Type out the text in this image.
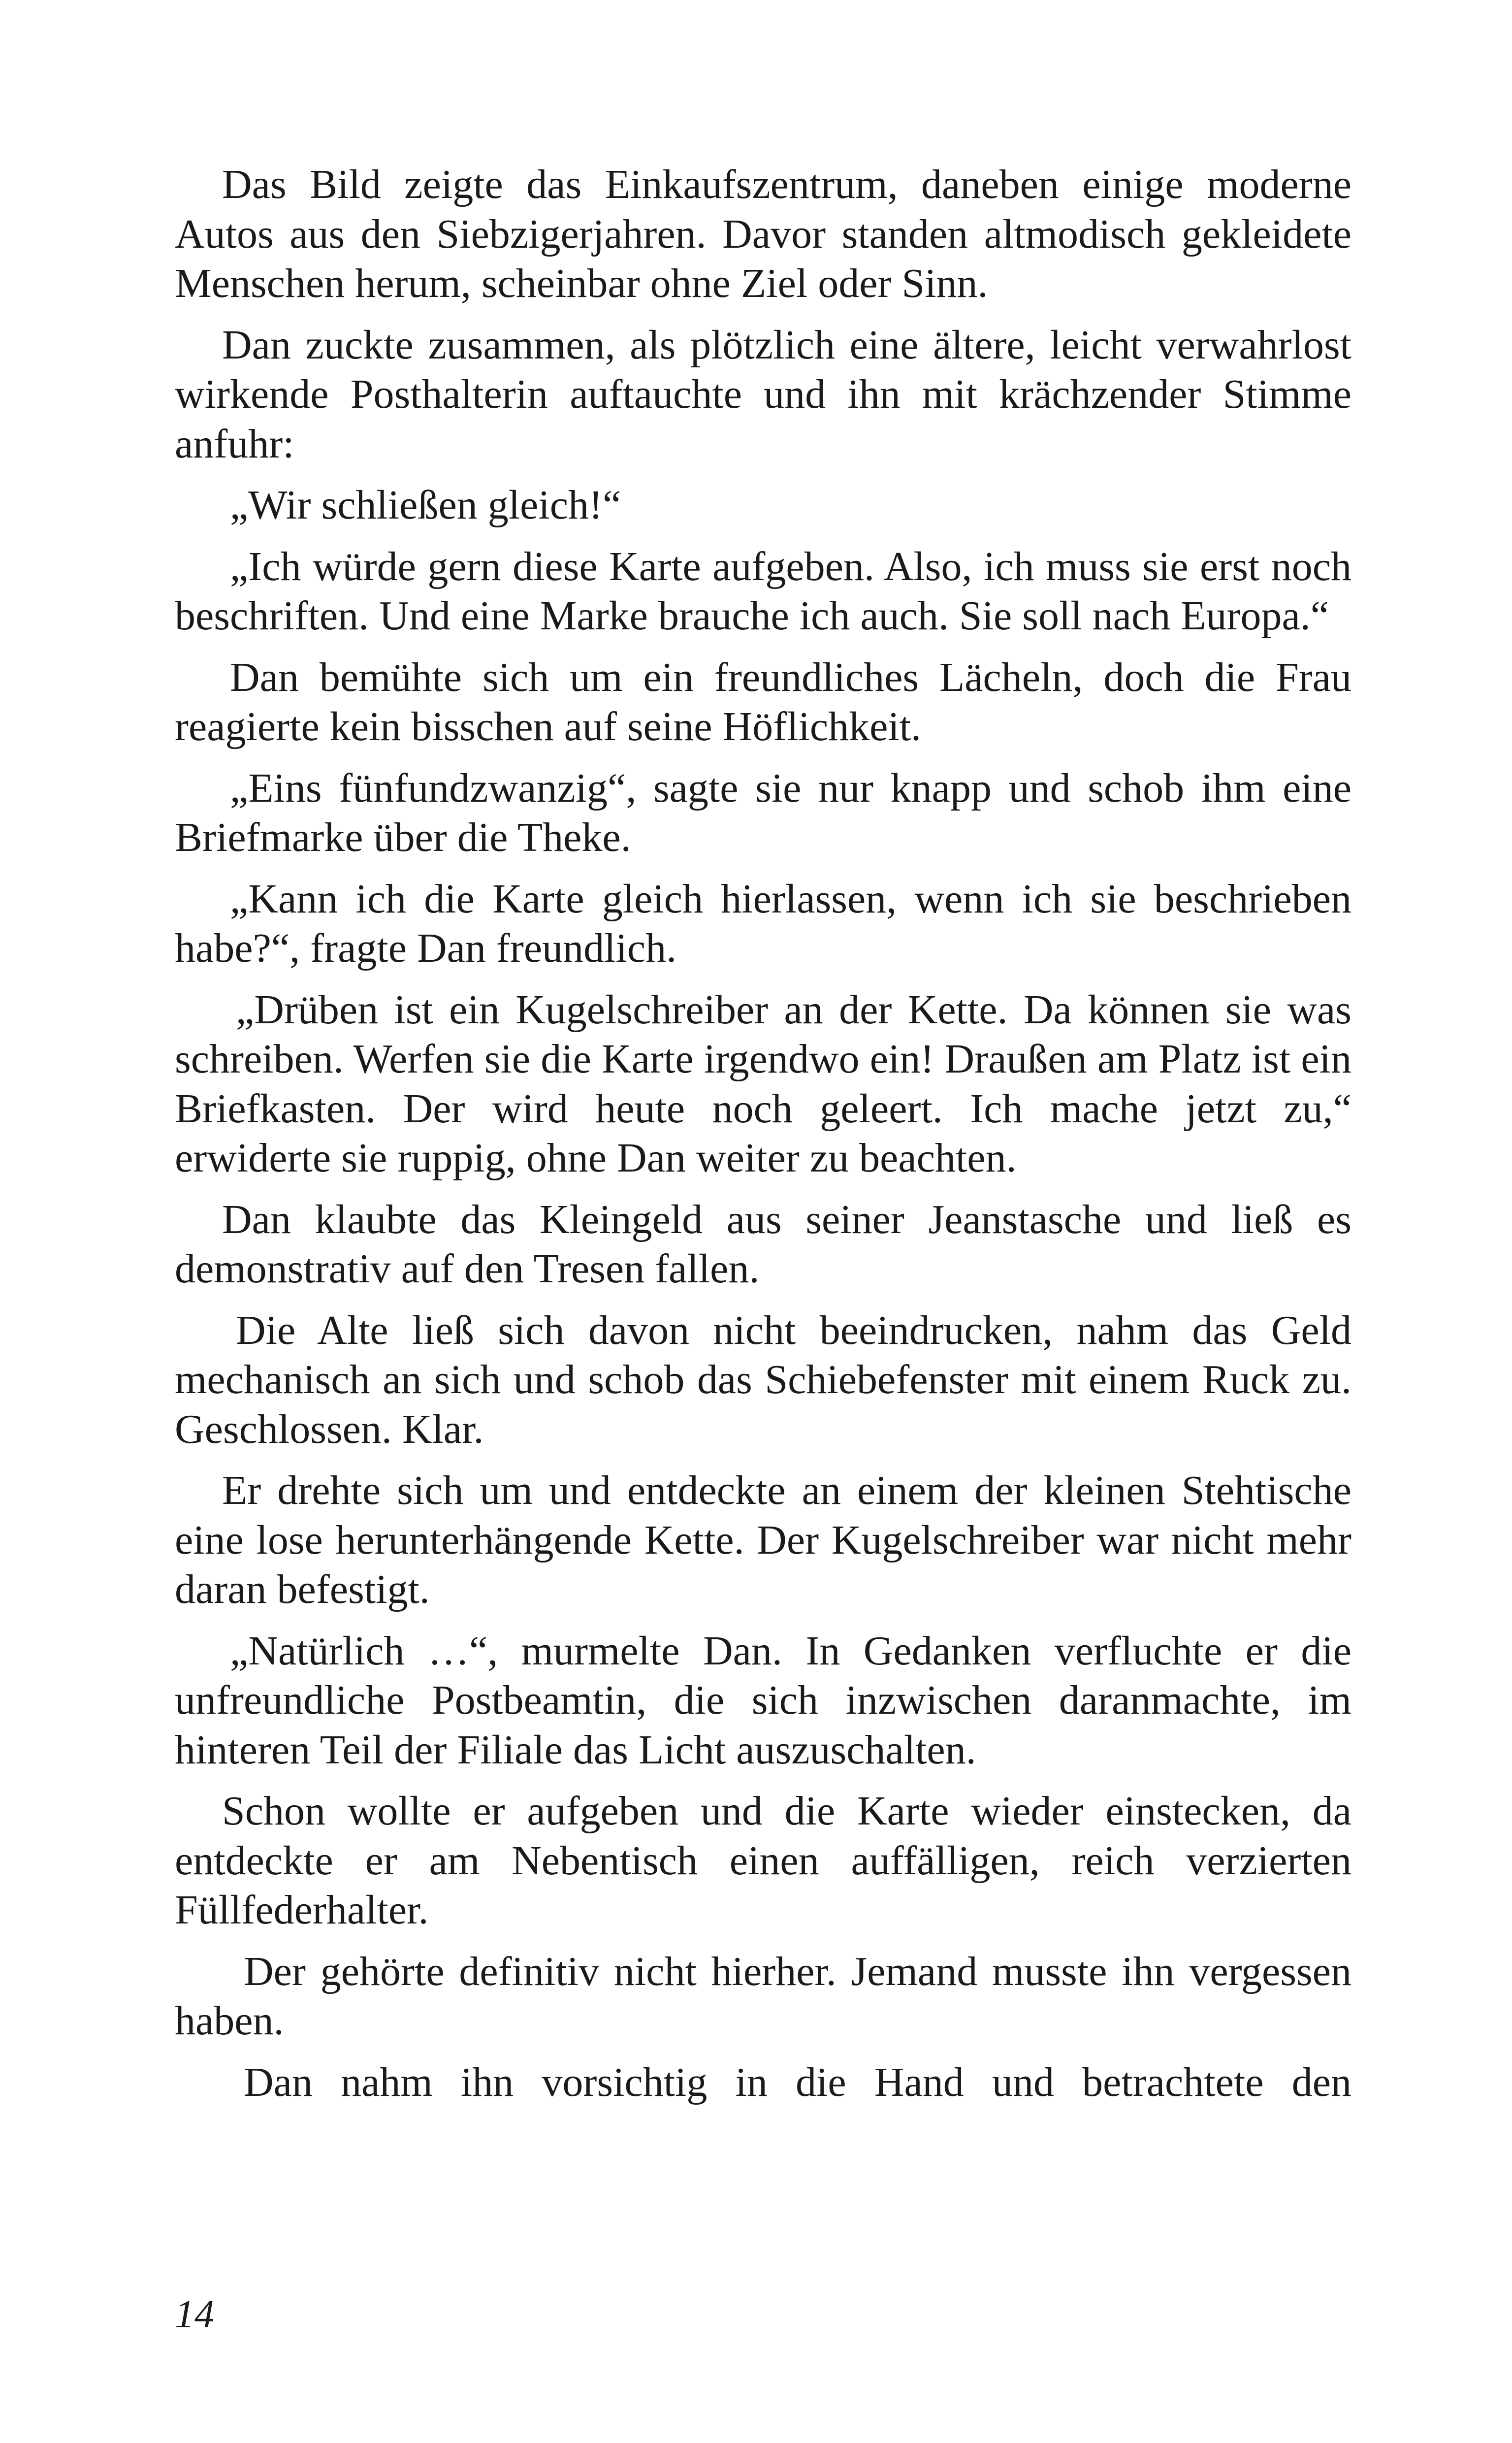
Das Bild zeigte das Einkaufszentrum, daneben einige moderne Autos aus den Siebzigerjahren. Davor standen altmodisch gekleidete Menschen herum, scheinbar ohne Ziel oder Sinn.

Dan zuckte zusammen, als plötzlich eine ältere, leicht verwahrlost wirkende Posthalterin auftauchte und ihn mit krächzender Stimme anfuhr:

„Wir schließen gleich!“

„Ich würde gern diese Karte aufgeben. Also, ich muss sie erst noch beschriften. Und eine Marke brauche ich auch. Sie soll nach Europa.“

Dan bemühte sich um ein freundliches Lächeln, doch die Frau reagierte kein bisschen auf seine Höflichkeit.

„Eins fünfundzwanzig“, sagte sie nur knapp und schob ihm eine Briefmarke über die Theke.

„Kann ich die Karte gleich hierlassen, wenn ich sie beschrieben habe?“, fragte Dan freundlich.

„Drüben ist ein Kugelschreiber an der Kette. Da können sie was schreiben. Werfen sie die Karte irgendwo ein! Draußen am Platz ist ein Briefkasten. Der wird heute noch geleert. Ich mache jetzt zu,“ erwiderte sie ruppig, ohne Dan weiter zu beachten.

Dan klaubte das Kleingeld aus seiner Jeanstasche und ließ es demonstrativ auf den Tresen fallen.

Die Alte ließ sich davon nicht beeindrucken, nahm das Geld mechanisch an sich und schob das Schiebefenster mit einem Ruck zu. Geschlossen. Klar.

Er drehte sich um und entdeckte an einem der kleinen Stehtische eine lose herunterhängende Kette. Der Kugelschreiber war nicht mehr daran befestigt.

„Natürlich …“, murmelte Dan. In Gedanken verfluchte er die unfreundliche Postbeamtin, die sich inzwischen daranmachte, im hinteren Teil der Filiale das Licht auszuschalten.

Schon wollte er aufgeben und die Karte wieder einstecken, da entdeckte er am Nebentisch einen auffälligen, reich verzierten Füllfederhalter.

Der gehörte definitiv nicht hierher. Jemand musste ihn vergessen haben.

Dan nahm ihn vorsichtig in die Hand und betrachtete den

14
